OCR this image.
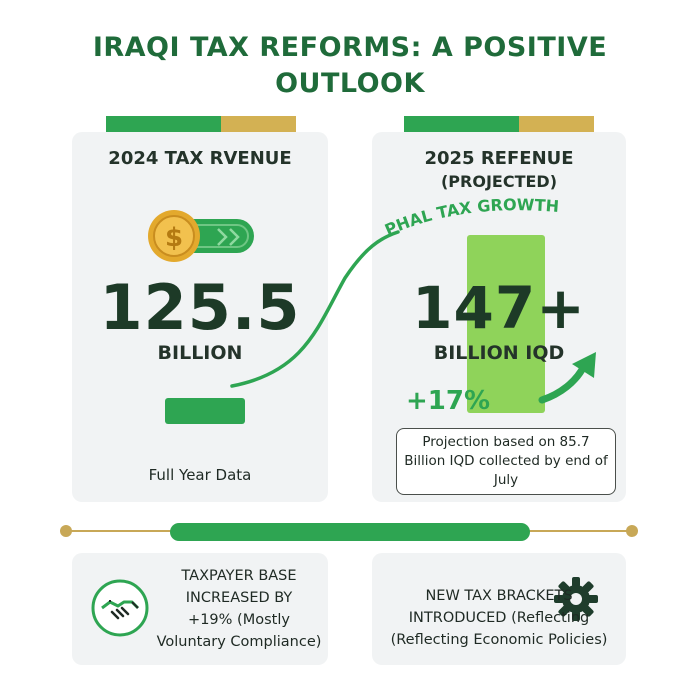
IRAQI TAX REFORMS: A POSITIVE
OUTLOOK
2024 TAX RVENUE
$
125.5
BILLION
Full Year Data
2025 REFENUE
(PROJECTED)
147+
BILLION IQD
Projection based on 85.7
Billion IQD collected by end of
July
PHAL TAX GROWTH
+17%
TAXPAYER BASE
INCREASED BY
+19% (Mostly
Voluntary Compliance)
NEW TAX BRACKETS
INTRODUCED (Reflecting
(Reflecting Economic Policies)
